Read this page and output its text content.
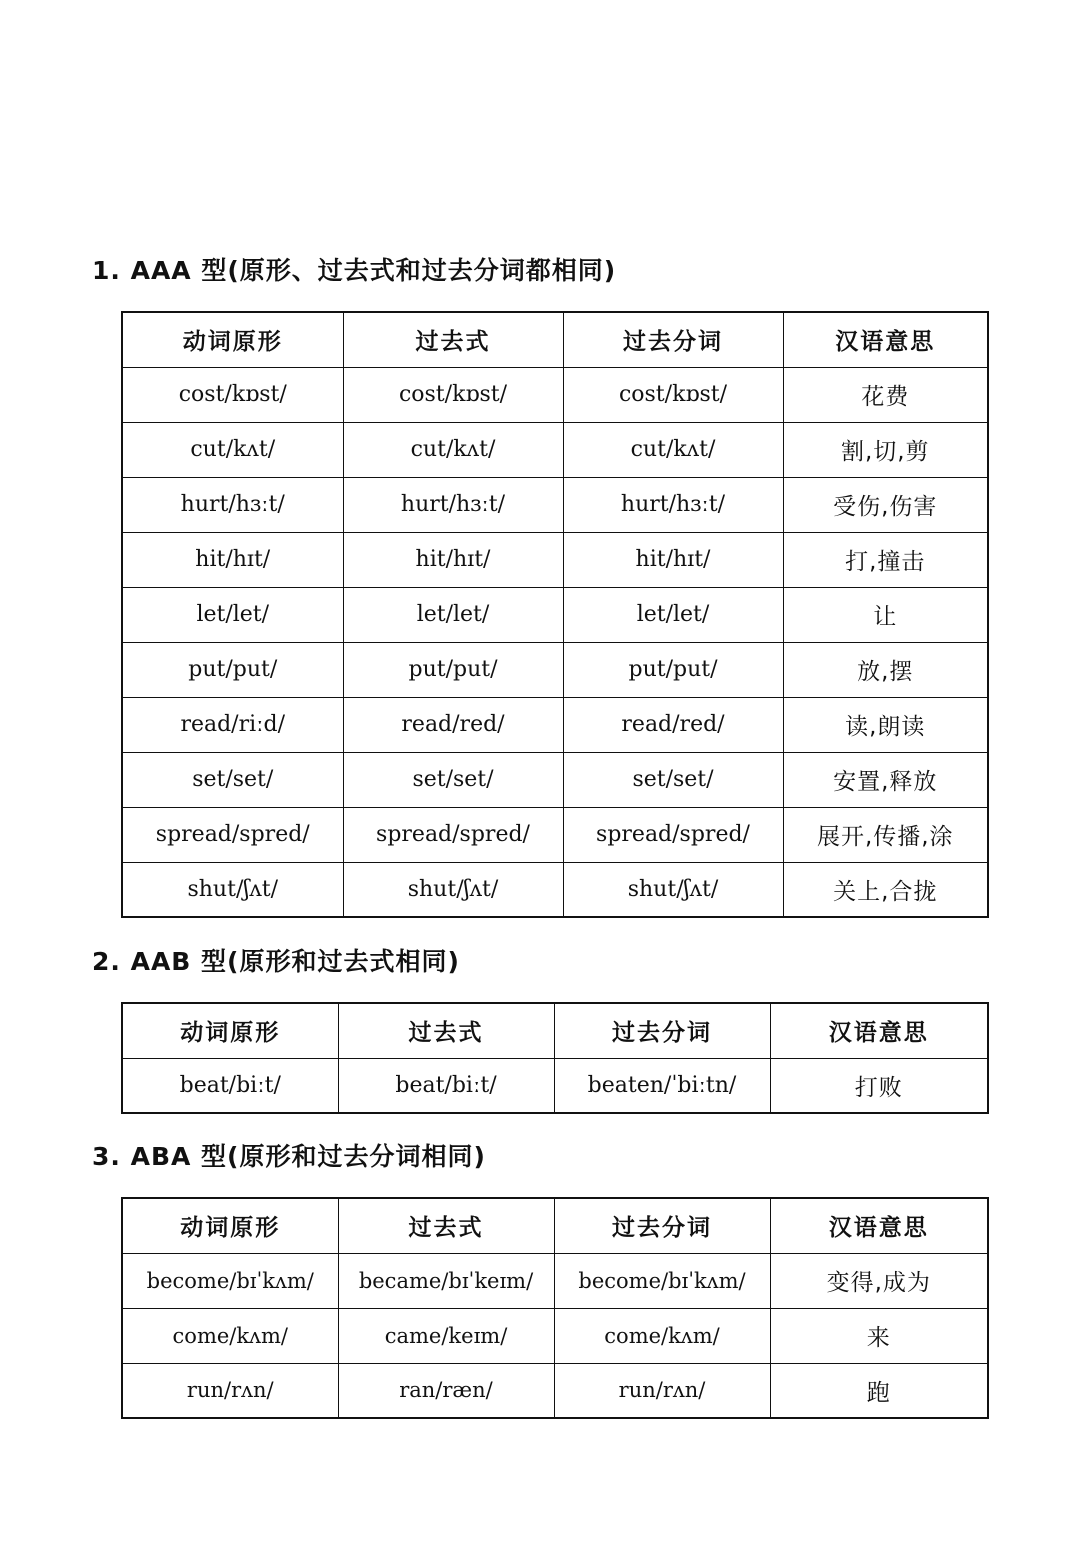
1. AAA 型(原形、过去式和过去分词都相同)
动词原形	过去式	过去分词	汉语意思
cost/kɒst/	cost/kɒst/	cost/kɒst/	花费
cut/kʌt/	cut/kʌt/	cut/kʌt/	割,切,剪
hurt/hɜːt/	hurt/hɜːt/	hurt/hɜːt/	受伤,伤害
hit/hɪt/	hit/hɪt/	hit/hɪt/	打,撞击
let/let/	let/let/	let/let/	让
put/put/	put/put/	put/put/	放,摆
read/riːd/	read/red/	read/red/	读,朗读
set/set/	set/set/	set/set/	安置,释放
spread/spred/	spread/spred/	spread/spred/	展开,传播,涂
shut/ʃʌt/	shut/ʃʌt/	shut/ʃʌt/	关上,合拢
2. AAB 型(原形和过去式相同)
动词原形	过去式	过去分词	汉语意思
beat/biːt/	beat/biːt/	beaten/ˈbiːtn/	打败
3. ABA 型(原形和过去分词相同)
动词原形	过去式	过去分词	汉语意思
become/bɪˈkʌm/	became/bɪˈkeɪm/	become/bɪˈkʌm/	变得,成为
come/kʌm/	came/keɪm/	come/kʌm/	来
run/rʌn/	ran/ræn/	run/rʌn/	跑
